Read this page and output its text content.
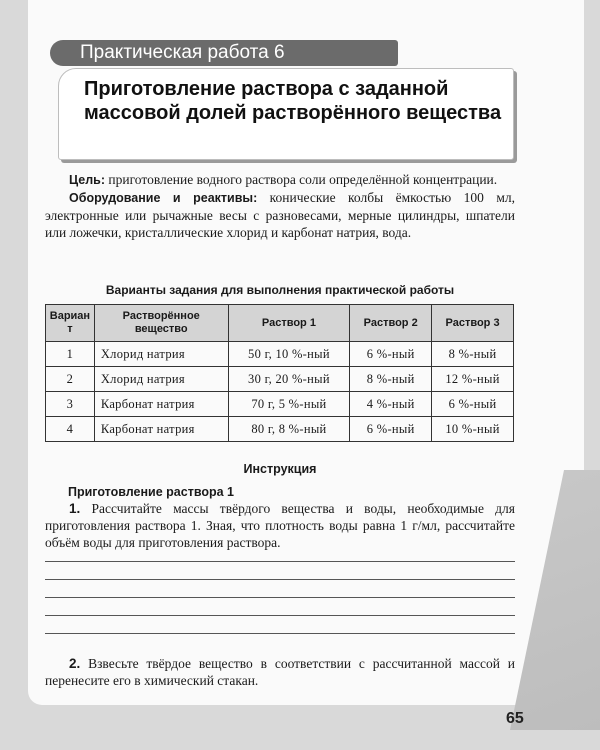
Практическая работа 6
Приготовление раствора с заданной массовой долей растворённого вещества

Цель: приготовление водного раствора соли определённой концентрации.

Оборудование и реактивы: конические колбы ёмкостью 100 мл, электронные или рычажные весы с разновесами, мерные цилиндры, шпатели или ложечки, кристаллические хлорид и карбонат натрия, вода.

Варианты задания для выполнения практической работы
Вариант	Растворённое вещество	Раствор 1	Раствор 2	Раствор 3
1	Хлорид натрия	50 г, 10 %-ный	6 %-ный	8 %-ный
2	Хлорид натрия	30 г, 20 %-ный	8 %-ный	12 %-ный
3	Карбонат натрия	70 г, 5 %-ный	4 %-ный	6 %-ный
4	Карбонат натрия	80 г, 8 %-ный	6 %-ный	10 %-ный
Инструкция
Приготовление раствора 1

1. Рассчитайте массы твёрдого вещества и воды, необходимые для приготовления раствора 1. Зная, что плотность воды равна 1 г/мл, рассчитайте объём воды для приготовления раствора.

2. Взвесьте твёрдое вещество в соответствии с рассчитанной массой и перенесите его в химический стакан.

65
